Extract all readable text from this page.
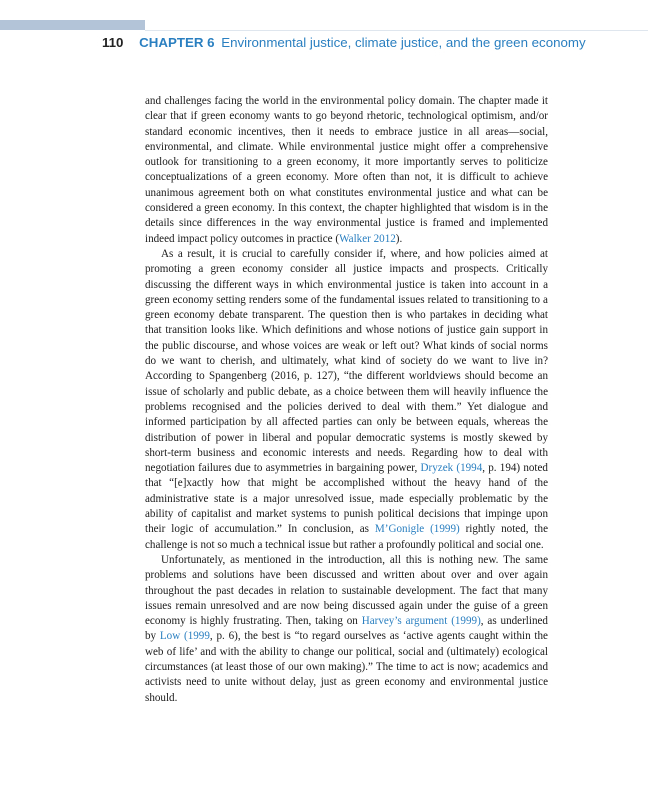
110 CHAPTER 6 Environmental justice, climate justice, and the green economy

and challenges facing the world in the environmental policy domain. The chapter made it clear that if green economy wants to go beyond rhetoric, technological optimism, and/or standard economic incentives, then it needs to embrace justice in all areas—social, environmental, and climate. While environmental justice might offer a comprehensive outlook for transitioning to a green economy, it more importantly serves to politicize conceptualizations of a green economy. More often than not, it is difficult to achieve unanimous agreement both on what constitutes environmental justice and what can be considered a green economy. In this context, the chapter highlighted that wisdom is in the details since differences in the way environmental justice is framed and implemented indeed impact policy outcomes in practice (Walker 2012).

As a result, it is crucial to carefully consider if, where, and how policies aimed at promoting a green economy consider all justice impacts and prospects. Critically discussing the different ways in which environmental justice is taken into account in a green economy setting renders some of the fundamental issues related to transitioning to a green economy debate transparent. The question then is who partakes in deciding what that transition looks like. Which definitions and whose notions of justice gain support in the public discourse, and whose voices are weak or left out? What kinds of social norms do we want to cherish, and ultimately, what kind of society do we want to live in? According to Spangenberg (2016, p. 127), “the different worldviews should become an issue of scholarly and public debate, as a choice between them will heavily influence the problems recognised and the policies derived to deal with them.” Yet dialogue and informed participation by all affected parties can only be between equals, whereas the distribution of power in liberal and popular democratic systems is mostly skewed by short-term business and economic interests and needs. Regarding how to deal with negotiation failures due to asymmetries in bargaining power, Dryzek (1994, p. 194) noted that “[e]xactly how that might be accomplished without the heavy hand of the administrative state is a major unresolved issue, made especially problematic by the ability of capitalist and market systems to punish political decisions that impinge upon their logic of accumulation.” In conclusion, as M’Gonigle (1999) rightly noted, the challenge is not so much a technical issue but rather a profoundly political and social one.

Unfortunately, as mentioned in the introduction, all this is nothing new. The same problems and solutions have been discussed and written about over and over again throughout the past decades in relation to sustainable development. The fact that many issues remain unresolved and are now being discussed again under the guise of a green economy is highly frustrating. Then, taking on Harvey’s argument (1999), as underlined by Low (1999, p. 6), the best is “to regard ourselves as ‘active agents caught within the web of life’ and with the ability to change our political, social and (ultimately) ecological circumstances (at least those of our own making).” The time to act is now; academics and activists need to unite without delay, just as green economy and environmental justice should.
